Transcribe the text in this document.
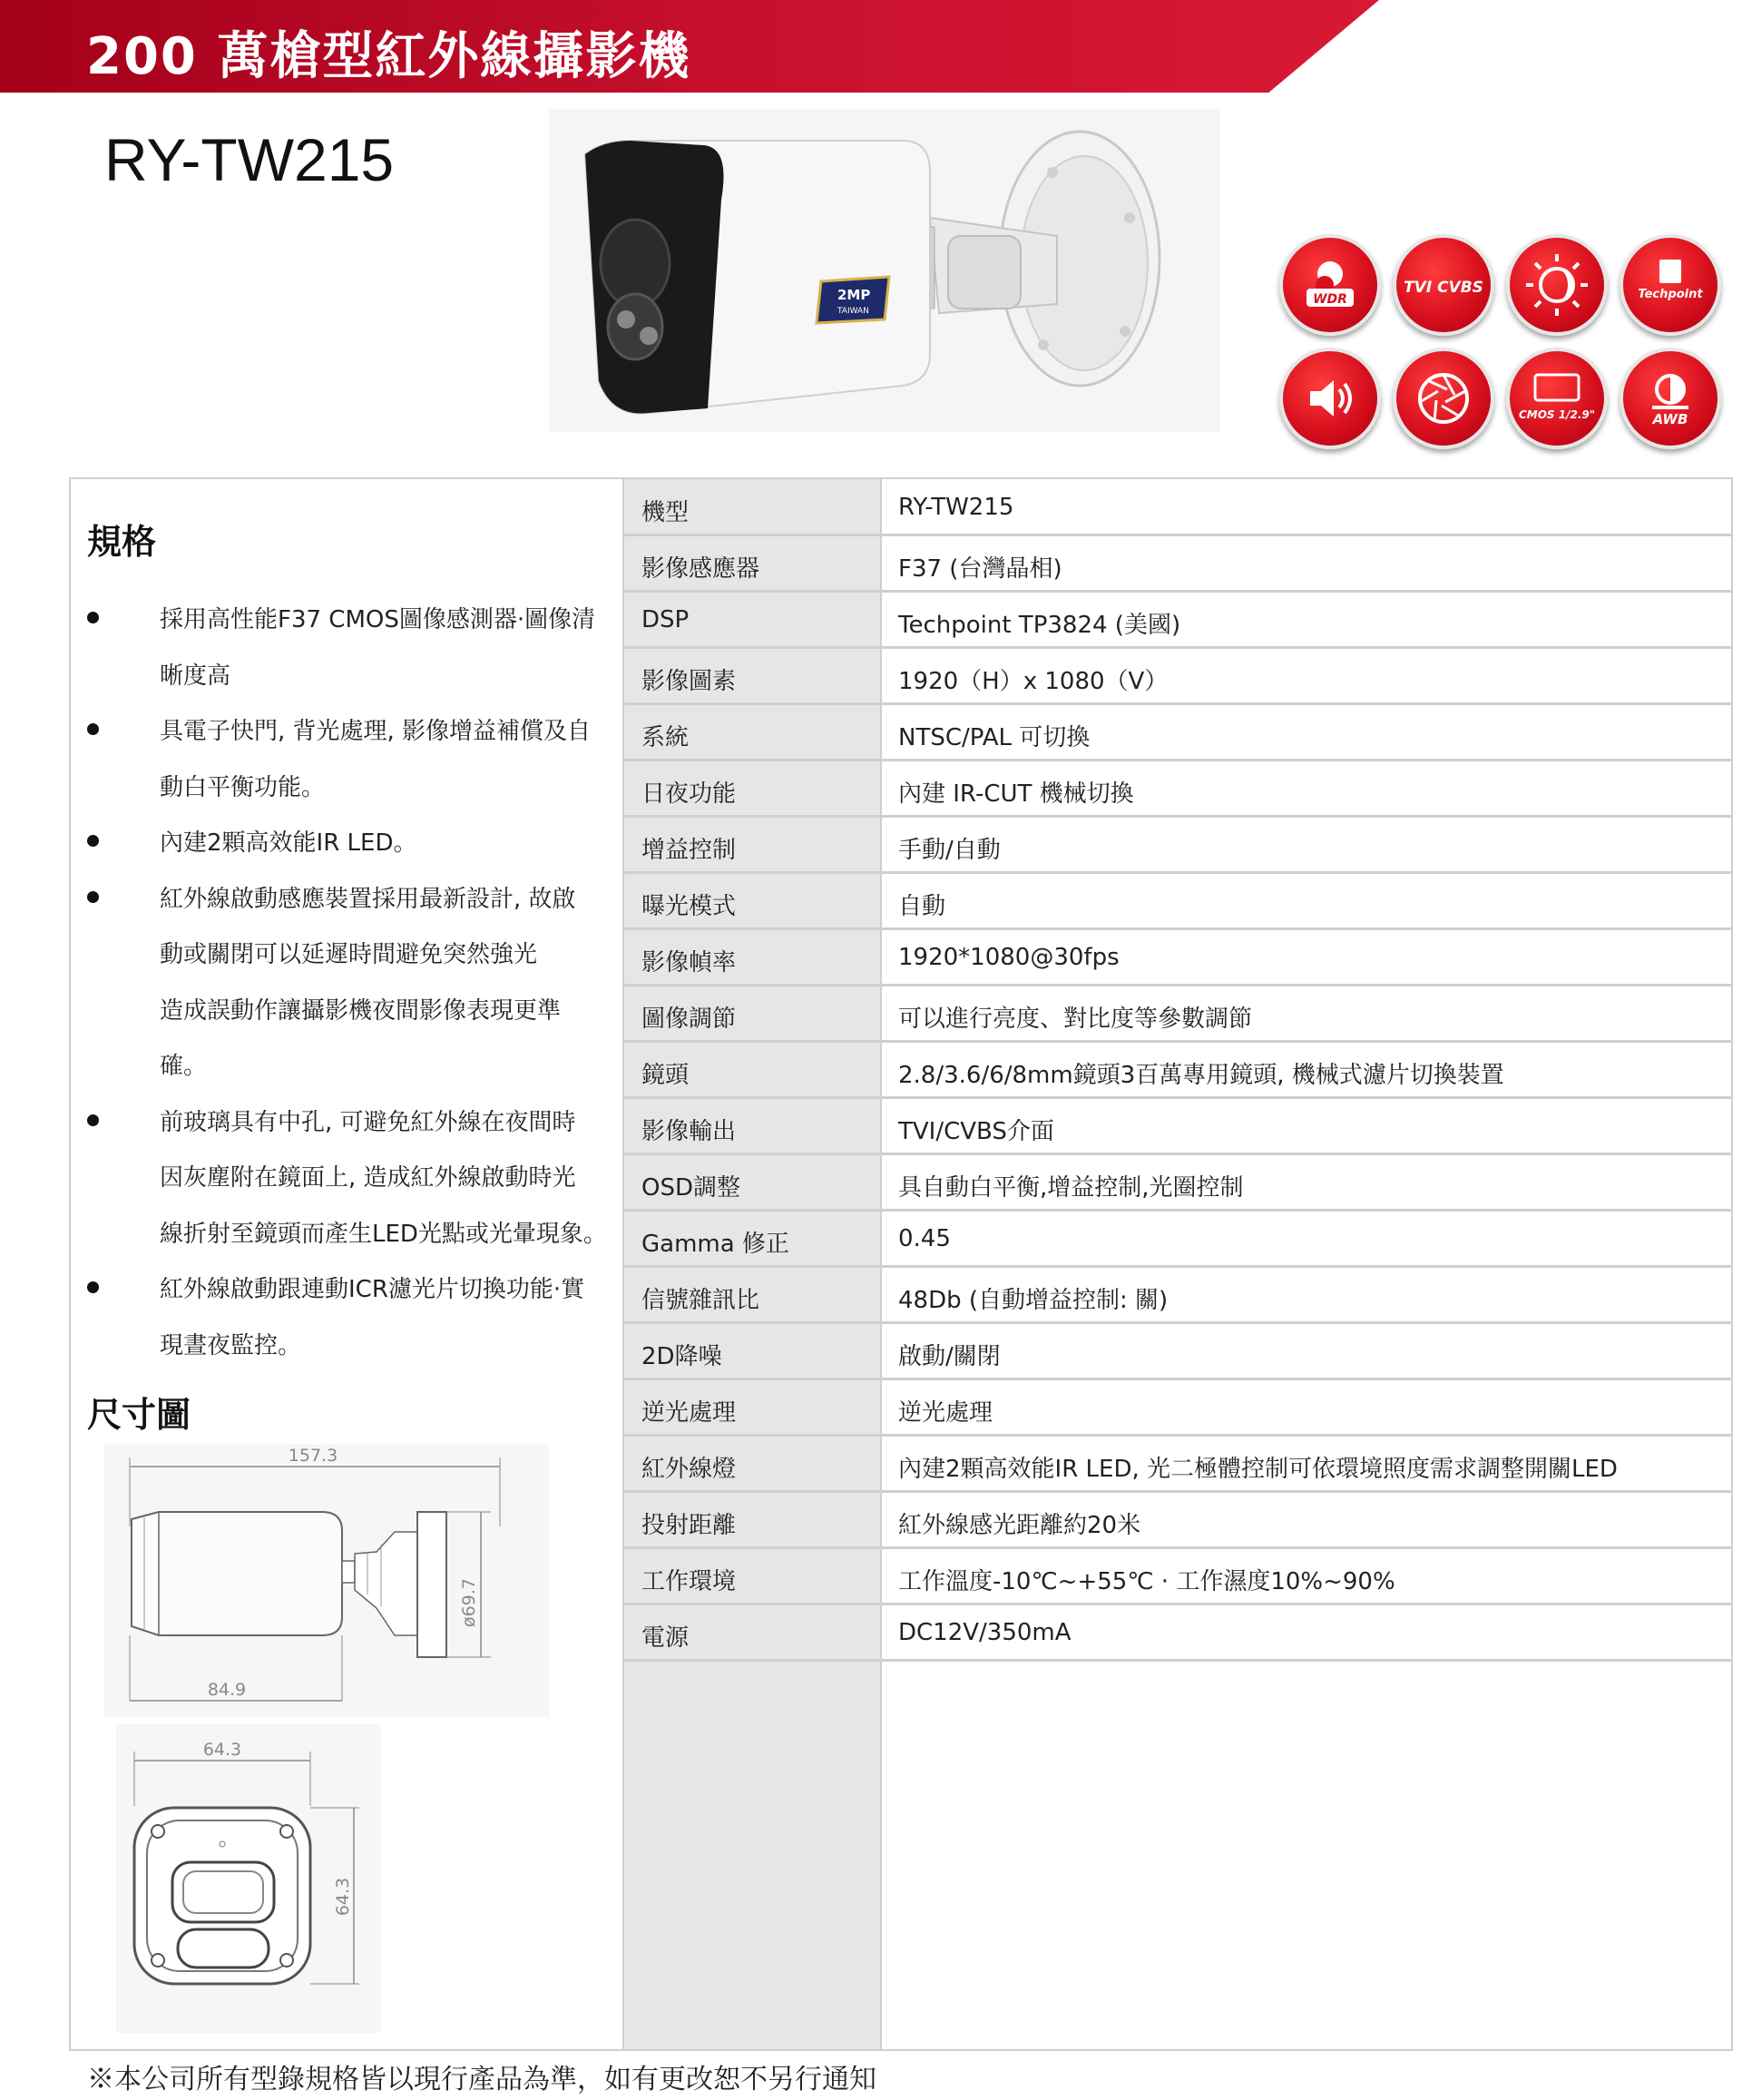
200 萬槍型紅外線攝影機
RY-TW215
2MP
TAIWAN
WDR
TVI CVBS	Techpoint
CMOS 1/2.9"	AWB
機型	RY-TW215
影像感應器	F37 (台灣晶相)
DSP	Techpoint TP3824 (美國)
影像圖素	1920（H）x 1080（V）
系統	NTSC/PAL 可切換
日夜功能	內建 IR-CUT 機械切換
增益控制	手動/自動
曝光模式	自動
影像幀率	1920*1080@30fps
圖像調節	可以進行亮度、對比度等參數調節
鏡頭	2.8/3.6/6/8mm鏡頭3百萬專用鏡頭, 機械式濾片切換裝置
影像輸出	TVI/CVBS介面
OSD調整	具自動白平衡,增益控制,光圈控制
Gamma 修正	0.45
信號雜訊比	48Db (自動增益控制: 關)
2D降噪	啟動/關閉
逆光處理	逆光處理
紅外線燈	內建2顆高效能IR LED, 光二極體控制可依環境照度需求調整開關LED
投射距離	紅外線感光距離約20米
工作環境	工作溫度-10℃~+55℃ · 工作濕度10%~90%
電源	DC12V/350mA
規格
採用高性能F37 CMOS圖像感測器·圖像清
晰度高
具電子快門, 背光處理, 影像增益補償及自
動白平衡功能。
內建2顆高效能IR LED。
紅外線啟動感應裝置採用最新設計, 故啟
動或關閉可以延遲時間避免突然強光
造成誤動作讓攝影機夜間影像表現更準
確。
前玻璃具有中孔, 可避免紅外線在夜間時
因灰塵附在鏡面上, 造成紅外線啟動時光
線折射至鏡頭而產生LED光點或光暈現象。
紅外線啟動跟連動ICR濾光片切換功能·實
現晝夜監控。
尺寸圖
157.3
ø69.7
84.9
64.3
64.3
※本公司所有型錄規格皆以現行產品為準，如有更改恕不另行通知
